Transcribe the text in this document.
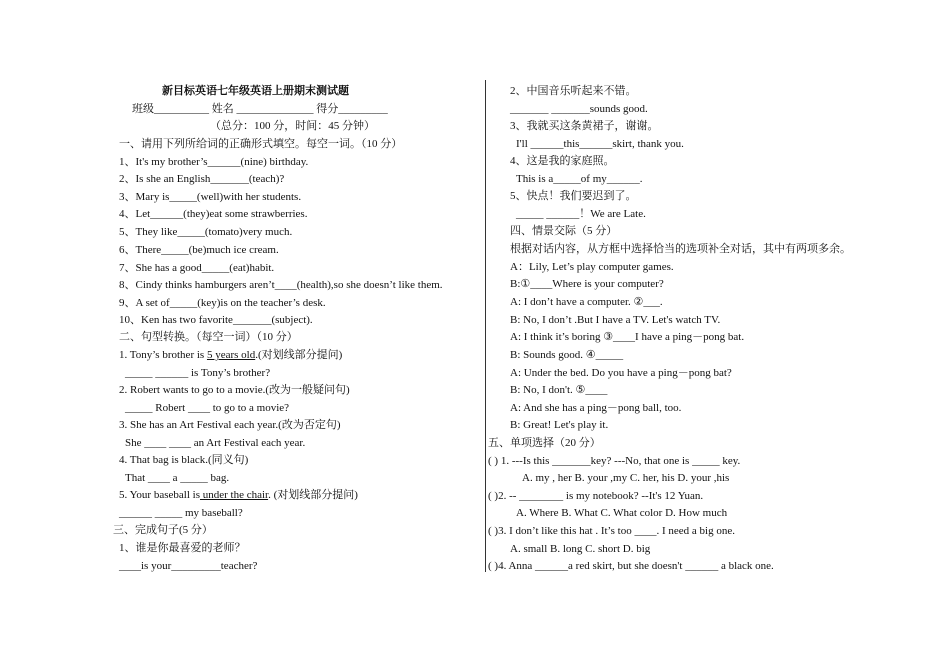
新目标英语七年级英语上册期末测试题
班级__________ 姓名 ______________ 得分_________
（总分：100 分，时间：45 分钟）
一、请用下列所给词的正确形式填空。每空一词。（10 分）
1、It's my brother’s______(nine) birthday.
2、Is she an English_______(teach)?
3、Mary is_____(well)with her students.
4、Let______(they)eat some strawberries.
5、They like_____(tomato)very much.
6、There_____(be)much ice cream.
7、She has a good_____(eat)habit.
8、Cindy thinks hamburgers aren’t____(health),so she doesn’t like them.
9、A set of_____(key)is on the teacher’s desk.
10、Ken has two favorite_______(subject).
二、句型转换。（每空一词）（10 分）
1. Tony’s brother is 5 years old.(对划线部分提问)
_____ ______ is Tony’s brother?
2. Robert wants to go to a movie.(改为一般疑问句)
_____ Robert ____ to go to a movie?
3. She has an Art Festival each year.(改为否定句)
She ____ ____ an Art Festival each year.
4. That bag is black.(同义句)
That ____ a _____ bag.
5. Your baseball is under the chair. (对划线部分提问)
______ _____ my baseball?
三、完成句子(5 分）
1、谁是你最喜爱的老师？
____is your_________teacher?
2、中国音乐听起来不错。
_______ _______sounds good.
3、我就买这条黄裙子，谢谢。
I'll ______this______skirt, thank you.
4、这是我的家庭照。
This is a_____of my______.
5、快点！我们要迟到了。
_____ ______！We are Late.
四、情景交际（5 分）
根据对话内容，从方框中选择恰当的选项补全对话，其中有两项多余。
A：Lily, Let’s play computer games.
B:①____Where is your computer?
A: I don’t have a computer. ②___.
B: No, I don’t .But I have a TV. Let's watch TV.
A: I think it’s boring ③____I have a ping－pong bat.
B: Sounds good. ④_____
A: Under the bed. Do you have a ping－pong bat?
B: No, I don't. ⑤____
A: And she has a ping－pong ball, too.
B: Great! Let's play it.
五、单项选择（20 分）
( ) 1. ---Is this _______key? ---No, that one is _____ key.
A. my , her B. your ,my C. her, his D. your ,his
( )2. -- ________ is my notebook? --It's 12 Yuan.
A. Where B. What C. What color D. How much
( )3. I don’t like this hat . It’s too ____. I need a big one.
A. small B. long C. short D. big
( )4. Anna ______a red skirt, but she doesn't ______ a black one.
